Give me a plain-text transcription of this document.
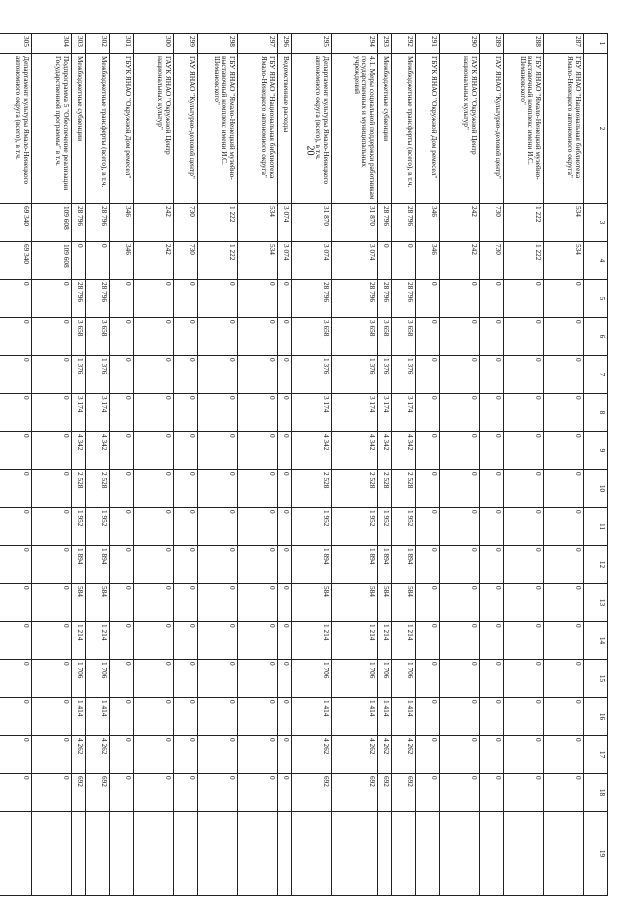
20
1	2	3	4	5	6	7	8	9	10	11	12	13	14	15	16	17	18	19
287	ГБУ ЯНАО "Национальная библиотека Ямало-Ненецкого автономного округа"	534	534	0	0	0	0	0	0	0	0	0	0	0	0	0	0	
288	ГБУ ЯНАО "Ямало-Ненецкий музейно-выставочный комплекс имени И.С. Шемановского"	1 222	1 222	0	0	0	0	0	0	0	0	0	0	0	0	0	0	
289	ГАУ ЯНАО "Культурно-деловой центр"	730	730	0	0	0	0	0	0	0	0	0	0	0	0	0	0	
290	ГАУК ЯНАО "Окружной Центр национальных культур"	242	242	0	0	0	0	0	0	0	0	0	0	0	0	0	0	
291	ГБУК ЯНАО "Окружной Дом ремесел"	346	346	0	0	0	0	0	0	0	0	0	0	0	0	0	0	
292	Межбюджетные трансферты (всего), в т.ч.	28 796	0	28 796	3 658	1 376	3 174	4 342	2 528	1 952	1 894	584	1 214	1 706	1 414	4 262	692	
293	Межбюджетные субвенции	28 796	0	28 796	3 658	1 376	3 174	4 342	2 528	1 952	1 894	584	1 214	1 706	1 414	4 262	692	
294	4.1. Меры социальной поддержки работникам государственных и муниципальных учреждений	31 870	3 074	28 796	3 658	1 376	3 174	4 342	2 528	1 952	1 894	584	1 214	1 706	1 414	4 262	692	
295	Департамент культуры Ямало-Ненецкого автономного округа (всего), в т.ч.	31 870	3 074	28 796	3 658	1 376	3 174	4 342	2 528	1 952	1 894	584	1 214	1 706	1 414	4 262	692	
296	Ведомственные расходы	3 074	3 074	0	0	0	0	0	0	0	0	0	0	0	0	0	0	
297	ГБУ ЯНАО "Национальная библиотека Ямало-Ненецкого автономного округа"	534	534	0	0	0	0	0	0	0	0	0	0	0	0	0	0	
298	ГБУ ЯНАО "Ямало-Ненецкий музейно-выставочный комплекс имени И.С. Шемановского"	1 222	1 222	0	0	0	0	0	0	0	0	0	0	0	0	0	0	
299	ГАУ ЯНАО "Культурно-деловой центр"	730	730	0	0	0	0	0	0	0	0	0	0	0	0	0	0	
300	ГАУК ЯНАО "Окружной Центр национальных культур"	242	242	0	0	0	0	0	0	0	0	0	0	0	0	0	0	
301	ГБУК ЯНАО "Окружной Дом ремесел"	346	346	0	0	0	0	0	0	0	0	0	0	0	0	0	0	
302	Межбюджетные трансферты (всего), в т.ч.	28 796	0	28 796	3 658	1 376	3 174	4 342	2 528	1 952	1 894	584	1 214	1 706	1 414	4 262	692	
303	Межбюджетные субвенции	28 796	0	28 796	3 658	1 376	3 174	4 342	2 528	1 952	1 894	584	1 214	1 706	1 414	4 262	692	
304	Подпрограмма 5 "Обеспечение реализации Государственной программы" в т.ч.	109 608	109 608	0	0	0	0	0	0	0	0	0	0	0	0	0	0	
305	Департамент культуры Ямало-Ненецкого автономного округа (всего), в т.ч.	69 340	69 340	0	0	0	0	0	0	0	0	0	0	0	0	0	0	
